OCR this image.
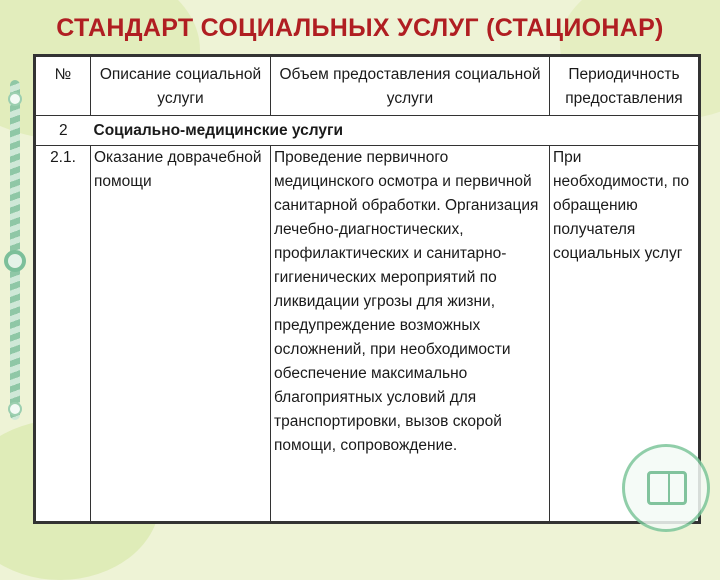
СТАНДАРТ СОЦИАЛЬНЫХ УСЛУГ (СТАЦИОНАР)
№	Описание социальной услуги	Объем предоставления социальной услуги	Периодичность предоставления
2	Социально-медицинские услуги		
2.1.	Оказание доврачебной помощи	Проведение первичного медицинского осмотра и первичной санитарной обработки. Организация лечебно-диагностических, профилактических и санитарно-гигиенических мероприятий по ликвидации угрозы для жизни, предупреждение возможных осложнений, при необходимости обеспечение максимально благоприятных условий для транспортировки, вызов скорой помощи, сопровождение.	При необходимости, по обращению получателя социальных услуг
